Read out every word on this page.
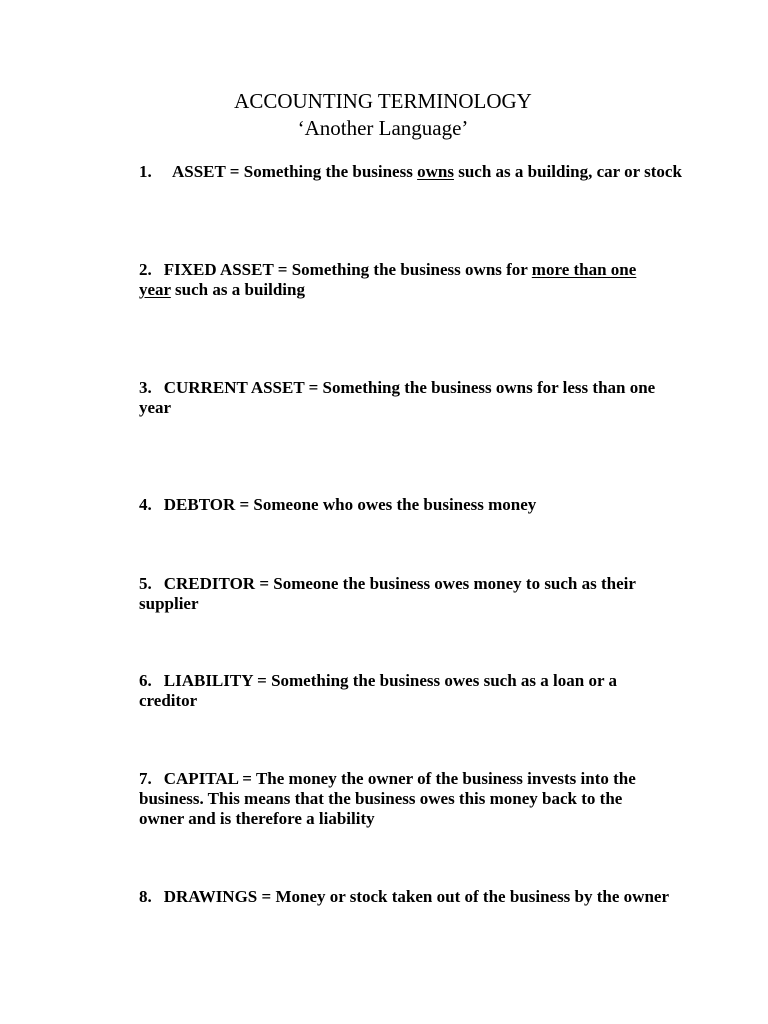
ACCOUNTING TERMINOLOGY
‘Another Language’

1. ASSET = Something the business owns such as a building, car or stock

2. FIXED ASSET = Something the business owns for more than one year such as a building

3. CURRENT ASSET = Something the business owns for less than one year

4. DEBTOR = Someone who owes the business money

5. CREDITOR = Someone the business owes money to such as their supplier

6. LIABILITY = Something the business owes such as a loan or a creditor

7. CAPITAL = The money the owner of the business invests into the business. This means that the business owes this money back to the owner and is therefore a liability

8. DRAWINGS = Money or stock taken out of the business by the owner
